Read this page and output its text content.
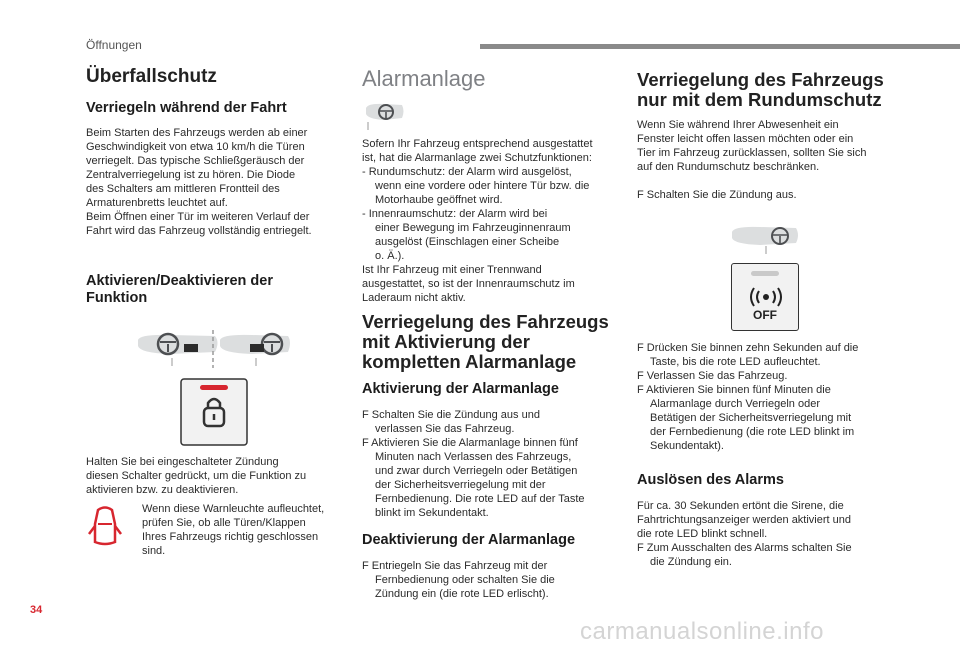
Öffnungen
Überfallschutz
Verriegeln während der Fahrt
Beim Starten des Fahrzeugs werden ab einer
Geschwindigkeit von etwa 10 km/h die Türen
verriegelt. Das typische Schließgeräusch der
Zentralverriegelung ist zu hören. Die Diode
des Schalters am mittleren Frontteil des
Armaturenbretts leuchtet auf.
Beim Öffnen einer Tür im weiteren Verlauf der
Fahrt wird das Fahrzeug vollständig entriegelt.
Aktivieren/Deaktivieren der
Funktion
Halten Sie bei eingeschalteter Zündung
diesen Schalter gedrückt, um die Funktion zu
aktivieren bzw. zu deaktivieren.
Wenn diese Warnleuchte aufleuchtet,
prüfen Sie, ob alle Türen/Klappen
Ihres Fahrzeugs richtig geschlossen
sind.
Alarmanlage
Sofern Ihr Fahrzeug entsprechend ausgestattet
ist, hat die Alarmanlage zwei Schutzfunktionen:
- Rundumschutz: der Alarm wird ausgelöst,
wenn eine vordere oder hintere Tür bzw. die
Motorhaube geöffnet wird.
- Innenraumschutz: der Alarm wird bei
einer Bewegung im Fahrzeuginnenraum
ausgelöst (Einschlagen einer Scheibe
o. Ä.).
Ist Ihr Fahrzeug mit einer Trennwand
ausgestattet, so ist der Innenraumschutz im
Laderaum nicht aktiv.
Verriegelung des Fahrzeugs
mit Aktivierung der
kompletten Alarmanlage
Aktivierung der Alarmanlage
F Schalten Sie die Zündung aus und
verlassen Sie das Fahrzeug.
F Aktivieren Sie die Alarmanlage binnen fünf
Minuten nach Verlassen des Fahrzeugs,
und zwar durch Verriegeln oder Betätigen
der Sicherheitsverriegelung mit der
Fernbedienung. Die rote LED auf der Taste
blinkt im Sekundentakt.
Deaktivierung der Alarmanlage
F Entriegeln Sie das Fahrzeug mit der
Fernbedienung oder schalten Sie die
Zündung ein (die rote LED erlischt).
Verriegelung des Fahrzeugs
nur mit dem Rundumschutz
Wenn Sie während Ihrer Abwesenheit ein
Fenster leicht offen lassen möchten oder ein
Tier im Fahrzeug zurücklassen, sollten Sie sich
auf den Rundumschutz beschränken.
F Schalten Sie die Zündung aus.
OFF
F Drücken Sie binnen zehn Sekunden auf die
Taste, bis die rote LED aufleuchtet.
F Verlassen Sie das Fahrzeug.
F Aktivieren Sie binnen fünf Minuten die
Alarmanlage durch Verriegeln oder
Betätigen der Sicherheitsverriegelung mit
der Fernbedienung (die rote LED blinkt im
Sekundentakt).
Auslösen des Alarms
Für ca. 30 Sekunden ertönt die Sirene, die
Fahrtrichtungsanzeiger werden aktiviert und
die rote LED blinkt schnell.
F Zum Ausschalten des Alarms schalten Sie
die Zündung ein.
34
carmanualsonline.info
